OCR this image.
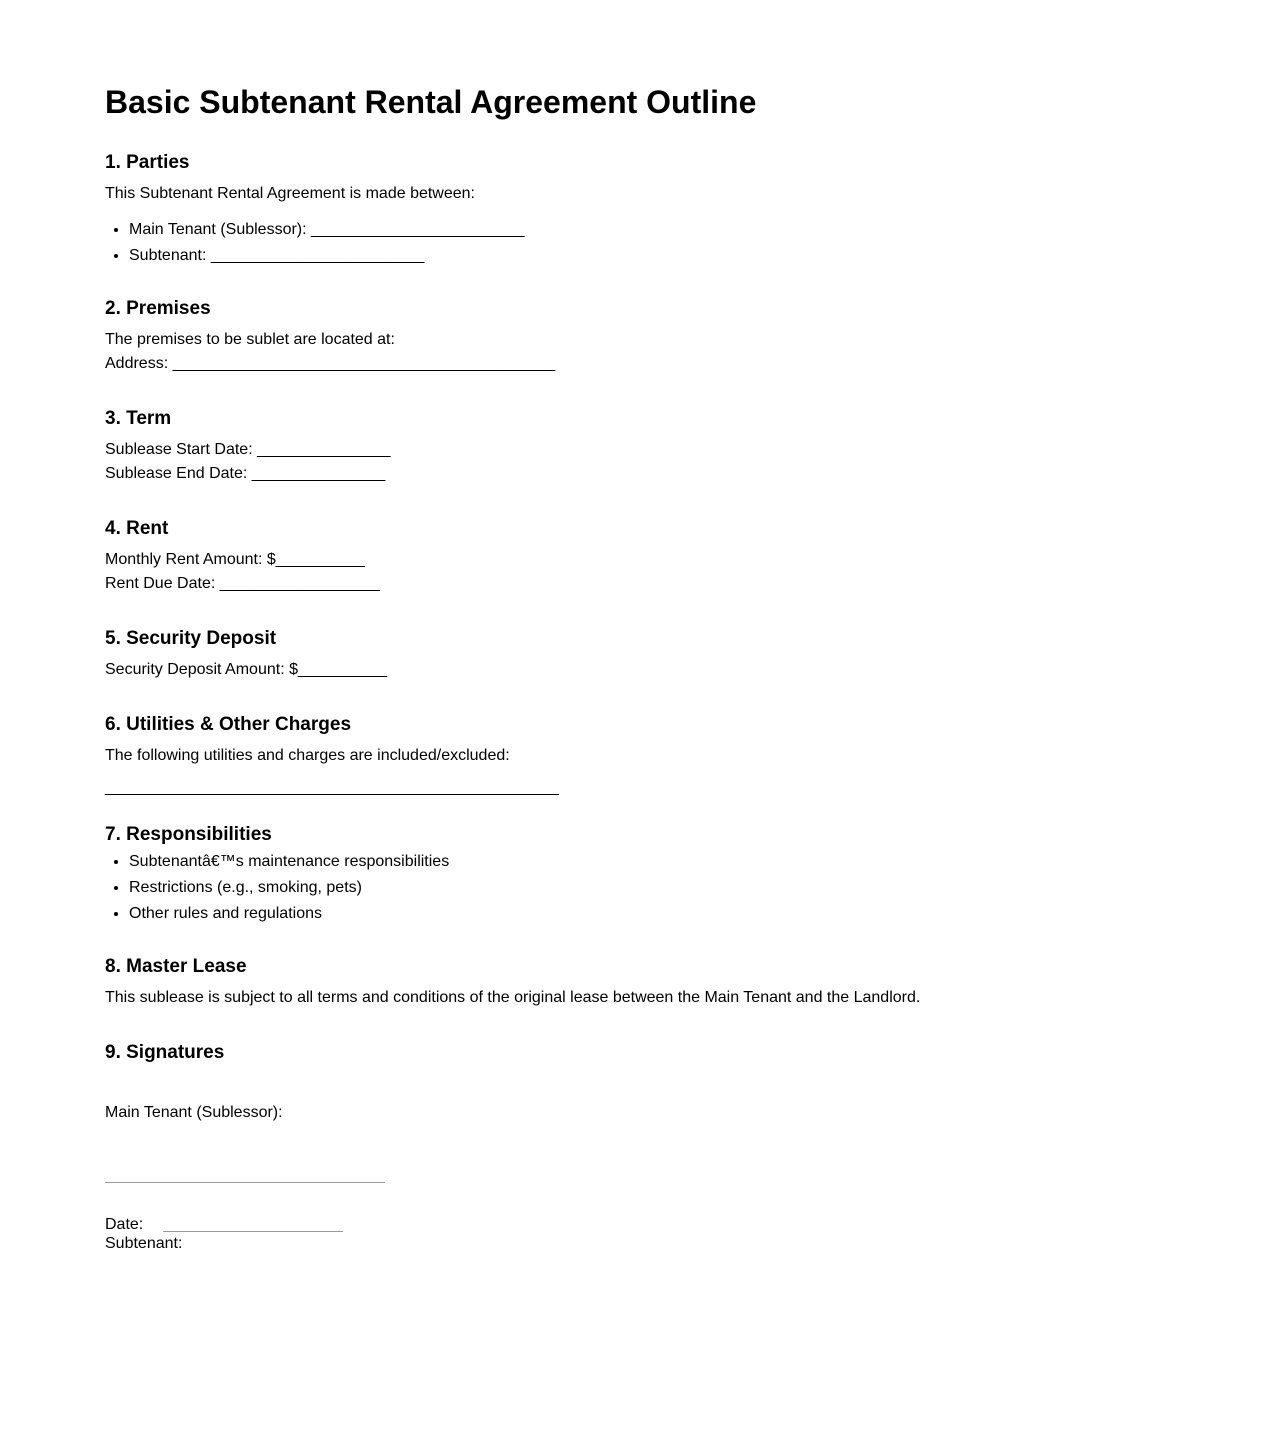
Basic Subtenant Rental Agreement Outline
1. Parties

This Subtenant Rental Agreement is made between:

• Main Tenant (Sublessor): ________________________
• Subtenant: ________________________
2. Premises

The premises to be sublet are located at:

Address: ___________________________________________

3. Term

Sublease Start Date: _______________

Sublease End Date: _______________

4. Rent

Monthly Rent Amount: $__________

Rent Due Date: __________________

5. Security Deposit

Security Deposit Amount: $__________

6. Utilities & Other Charges

The following utilities and charges are included/excluded:

___________________________________________________

7. Responsibilities
• Subtenantâ€™s maintenance responsibilities
• Restrictions (e.g., smoking, pets)
• Other rules and regulations
8. Master Lease

This sublease is subject to all terms and conditions of the original lease between the Main Tenant and the Landlord.

9. Signatures

Main Tenant (Sublessor):

Date:

Subtenant:
